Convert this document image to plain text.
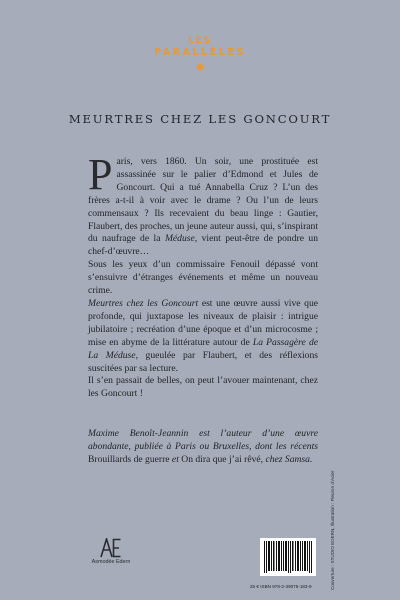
LES
PARALLÈLES
MEURTRES CHEZ LES GONCOURT

Paris, vers 1860. Un soir, une prostituée est assassinée sur le palier d’Edmond et Jules de Goncourt. Qui a tué Annabella Cruz ? L’un des frères a-t-il à voir avec le drame ? Ou l’un de leurs commensaux ? Ils recevaient du beau linge : Gautier, Flaubert, des proches, un jeune auteur aussi, qui, s’inspirant du naufrage de la Méduse, vient peut-être de pondre un chef-d’œuvre…

Sous les yeux d’un commissaire Fenouil dépassé vont s’ensuivre d’étranges événements et même un nouveau crime.

Meurtres chez les Goncourt est une œuvre aussi vive que profonde, qui juxtapose les niveaux de plaisir : intrigue jubilatoire ; recréation d’une époque et d’un microcosme ; mise en abyme de la littérature autour de La Passagère de La Méduse, gueulée par Flaubert, et des réflexions suscitées par sa lecture.

Il s’en passait de belles, on peut l’avouer maintenant, chez les Goncourt !

Maxime Benoît-Jeannin est l’auteur d’une œuvre abondante, publiée à Paris ou Bruxelles, dont les récents Brouillards de guerre et On dira que j’ai rêvé, chez Samsa.
Asmodée Edern	Couverture : STUDIO EDERN, Illustration : Fleuron d’Acier
25 € ISBN 978-2-39075-183-9
